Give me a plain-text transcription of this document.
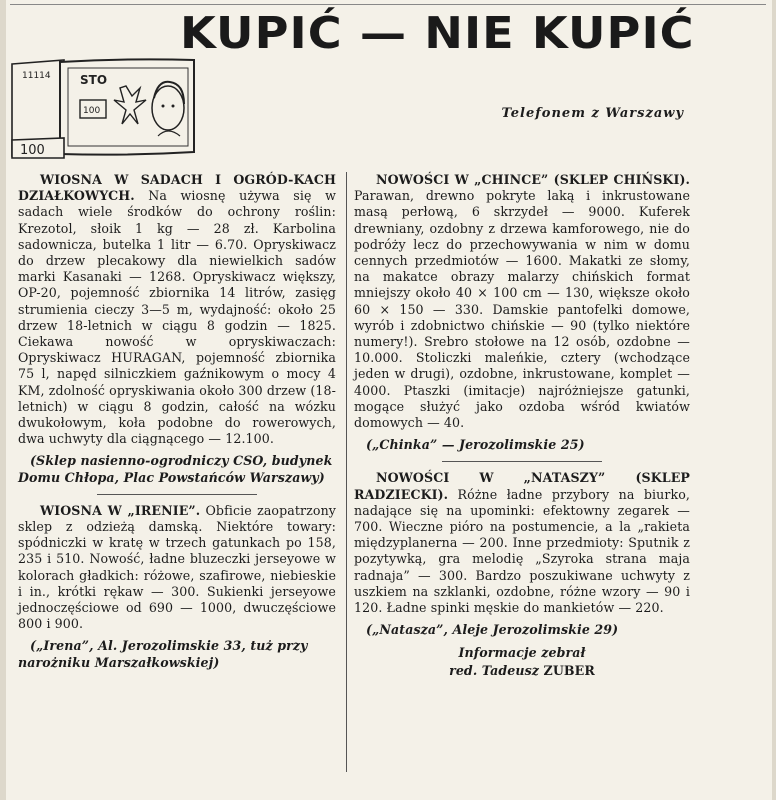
KUPIĆ — NIE KUPIĆ
11114 STO
100
100
Telefonem z Warszawy

WIOSNA W SADACH I OGRÓD-KACH DZIAŁKOWYCH. Na wiosnę używa się w sadach wiele środków do ochrony roślin: Krezotol, słoik 1 kg — 28 zł. Karbolina sadownicza, butelka 1 litr — 6.70. Opryskiwacz do drzew plecakowy dla niewielkich sadów marki Kasanaki — 1268. Opryskiwacz większy, OP-20, pojemność zbiornika 14 litrów, zasięg strumienia cieczy 3—5 m, wydajność: około 25 drzew 18-letnich w ciągu 8 godzin — 1825. Ciekawa nowość w opryskiwaczach: Opryskiwacz HURAGAN, pojemność zbiornika 75 l, napęd silniczkiem gaźnikowym o mocy 4 KM, zdolność opryskiwania około 300 drzew (18-letnich) w ciągu 8 godzin, całość na wózku dwukołowym, koła podobne do rowerowych, dwa uchwyty dla ciągnącego — 12.100.

(Sklep nasienno-ogrodniczy CSO, budynek Domu Chłopa, Plac Powstańców Warszawy)

WIOSNA W „IRENIE”. Obficie zaopatrzony sklep z odzieżą damską. Niektóre towary: spódniczki w kratę w trzech gatunkach po 158, 235 i 510. Nowość, ładne bluzeczki jerseyowe w kolorach gładkich: różowe, szafirowe, niebieskie i in., krótki rękaw — 300. Sukienki jerseyowe jednoczęściowe od 690 — 1000, dwuczęściowe 800 i 900.

(„Irena”, Al. Jerozolimskie 33, tuż przy narożniku Marszałkowskiej)

NOWOŚCI W „CHINCE” (SKLEP CHIŃSKI). Parawan, drewno pokryte laką i inkrustowane masą perłową, 6 skrzydeł — 9000. Kuferek drewniany, ozdobny z drzewa kamforowego, nie do podróży lecz do przechowywania w nim w domu cennych przedmiotów — 1600. Makatki ze słomy, na makatce obrazy malarzy chińskich format mniejszy około 40 × 100 cm — 130, większe około 60 × 150 — 330. Damskie pantofelki domowe, wyrób i zdobnictwo chińskie — 90 (tylko niektóre numery!). Srebro stołowe na 12 osób, ozdobne — 10.000. Stoliczki maleńkie, cztery (wchodzące jeden w drugi), ozdobne, inkrustowane, komplet — 4000. Ptaszki (imitacje) najróżniejsze gatunki, mogące służyć jako ozdoba wśród kwiatów domowych — 40.

(„Chinka” — Jerozolimskie 25)

NOWOŚCI W „NATASZY” (SKLEP RADZIECKI). Różne ładne przybory na biurko, nadające się na upominki: efektowny zegarek — 700. Wieczne pióro na postumencie, a la „rakieta międzyplanerna — 200. Inne przedmioty: Sputnik z pozytywką, gra melodię „Szyroka strana maja radnaja” — 300. Bardzo poszukiwane uchwyty z uszkiem na szklanki, ozdobne, różne wzory — 90 i 120. Ładne spinki męskie do mankietów — 220.

(„Natasza”, Aleje Jerozolimskie 29)

Informacje zebrał
red. Tadeusz ZUBER
